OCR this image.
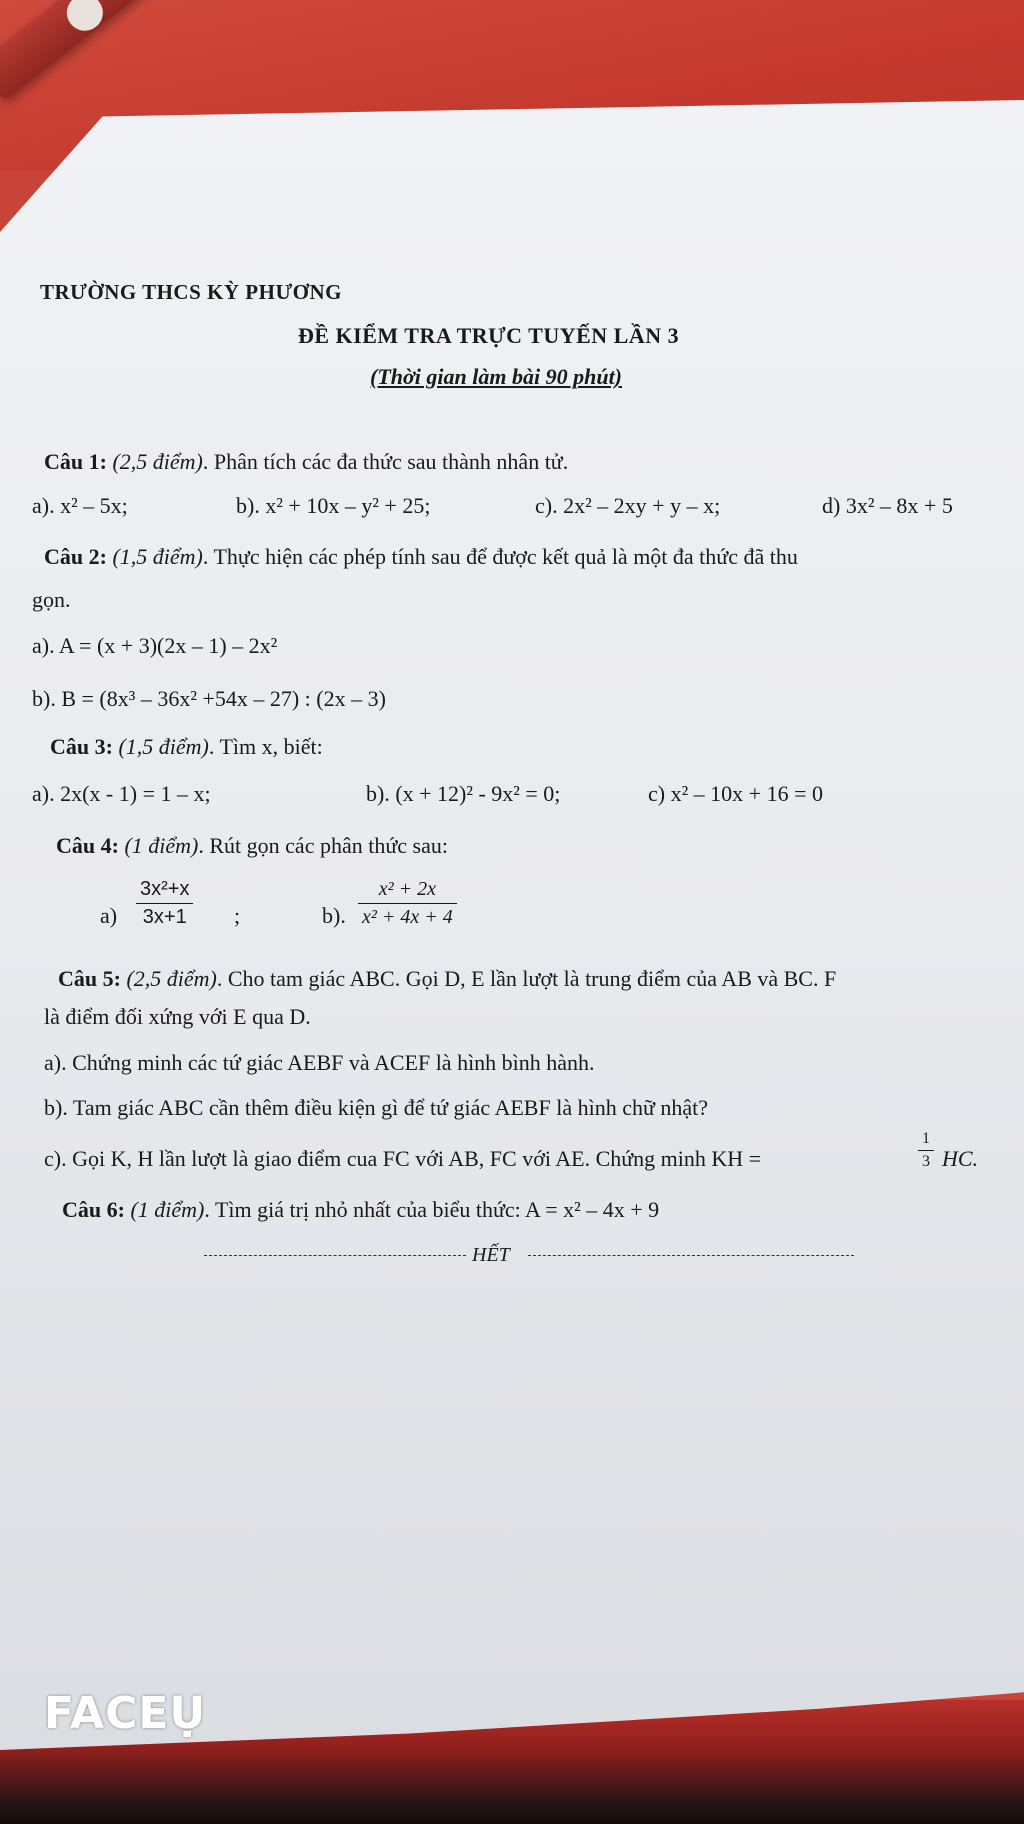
TRƯỜNG THCS KỲ PHƯƠNG
ĐỀ KIỂM TRA TRỰC TUYẾN LẦN 3
(Thời gian làm bài 90 phút)
Câu 1: (2,5 điểm). Phân tích các đa thức sau thành nhân tử.
a). x² – 5x;	b). x² + 10x – y² + 25;	c). 2x² – 2xy + y – x;	d) 3x² – 8x + 5
Câu 2: (1,5 điểm). Thực hiện các phép tính sau để được kết quả là một đa thức đã thu
gọn.
a). A = (x + 3)(2x – 1) – 2x²
b). B = (8x³ – 36x² +54x – 27) : (2x – 3)
Câu 3: (1,5 điểm). Tìm x, biết:
a). 2x(x - 1) = 1 – x;	b). (x + 12)² - 9x² = 0;	c) x² – 10x + 16 = 0
Câu 4: (1 điểm). Rút gọn các phân thức sau:
a)
3x²+x
3x+1	;	b).
x² + 2x
x² + 4x + 4
Câu 5: (2,5 điểm). Cho tam giác ABC. Gọi D, E lần lượt là trung điểm của AB và BC. F
là điểm đối xứng với E qua D.
a). Chứng minh các tứ giác AEBF và ACEF là hình bình hành.
b). Tam giác ABC cần thêm điều kiện gì để tứ giác AEBF là hình chữ nhật?
c). Gọi K, H lần lượt là giao điểm cua FC với AB, FC với AE. Chứng minh KH =
1
3 HC.
Câu 6: (1 điểm). Tìm giá trị nhỏ nhất của biểu thức: A = x² – 4x + 9
HẾT
FACEỤ
